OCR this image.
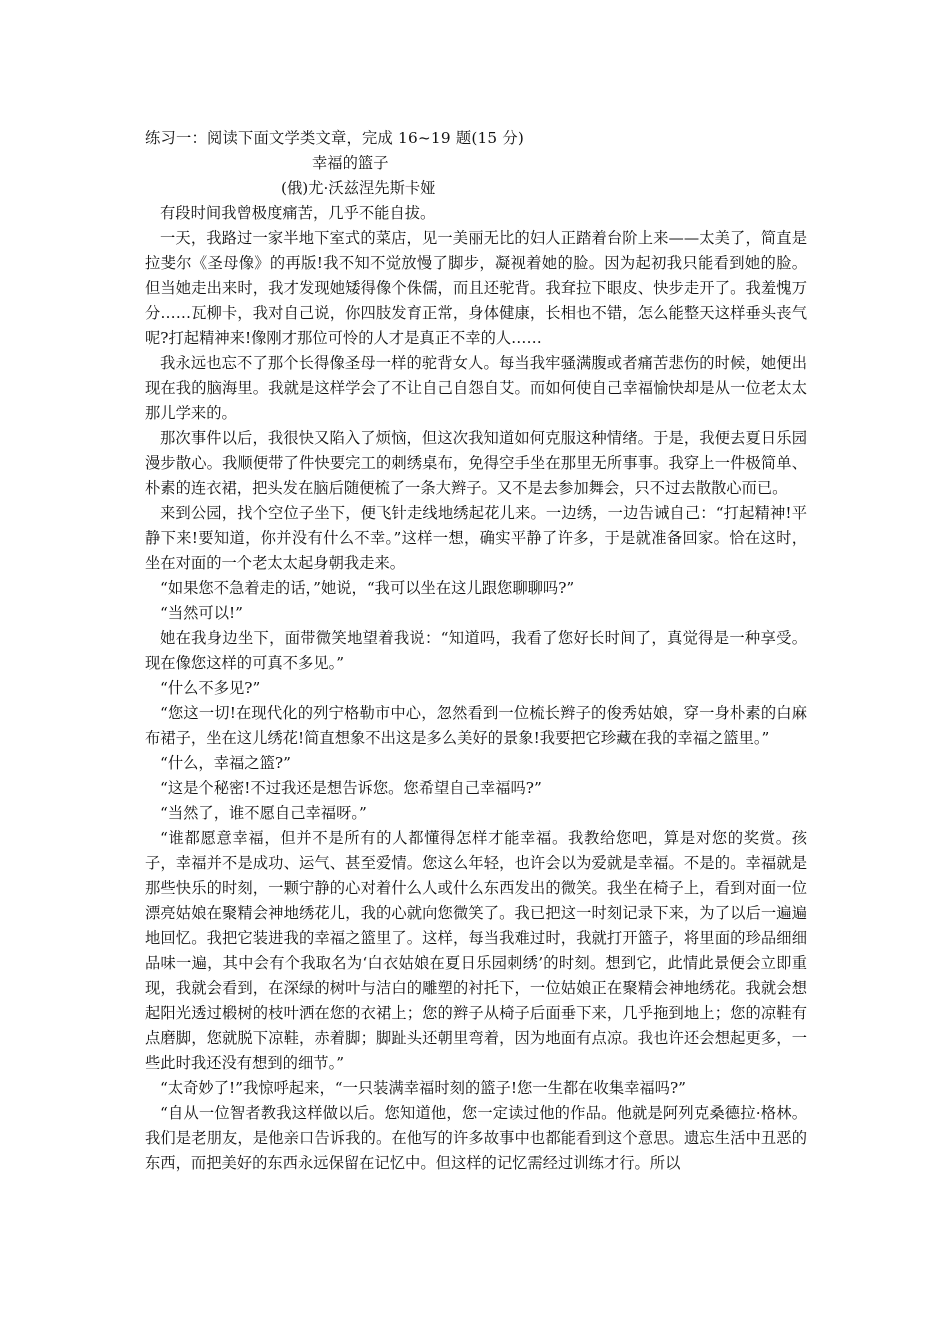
练习一：阅读下面文学类文章，完成 16~19 题(15 分)

幸福的篮子

(俄)尤·沃兹涅先斯卡娅

有段时间我曾极度痛苦，几乎不能自拔。

一天，我路过一家半地下室式的菜店，见一美丽无比的妇人正踏着台阶上来——太美了，简直是拉斐尔《圣母像》的再版!我不知不觉放慢了脚步，凝视着她的脸。因为起初我只能看到她的脸。但当她走出来时，我才发现她矮得像个侏儒，而且还驼背。我耷拉下眼皮、快步走开了。我羞愧万分……瓦柳卡，我对自己说，你四肢发育正常，身体健康，长相也不错，怎么能整天这样垂头丧气呢?打起精神来!像刚才那位可怜的人才是真正不幸的人……

我永远也忘不了那个长得像圣母一样的驼背女人。每当我牢骚满腹或者痛苦悲伤的时候，她便出现在我的脑海里。我就是这样学会了不让自己自怨自艾。而如何使自己幸福愉快却是从一位老太太那儿学来的。

那次事件以后，我很快又陷入了烦恼，但这次我知道如何克服这种情绪。于是，我便去夏日乐园漫步散心。我顺便带了件快要完工的刺绣桌布，免得空手坐在那里无所事事。我穿上一件极简单、朴素的连衣裙，把头发在脑后随便梳了一条大辫子。又不是去参加舞会，只不过去散散心而已。

来到公园，找个空位子坐下，便飞针走线地绣起花儿来。一边绣，一边告诫自己：“打起精神!平静下来!要知道，你并没有什么不幸。”这样一想，确实平静了许多，于是就准备回家。恰在这时，坐在对面的一个老太太起身朝我走来。

“如果您不急着走的话，”她说，“我可以坐在这儿跟您聊聊吗?”

“当然可以!”

她在我身边坐下，面带微笑地望着我说：“知道吗，我看了您好长时间了，真觉得是一种享受。现在像您这样的可真不多见。”

“什么不多见?”

“您这一切!在现代化的列宁格勒市中心，忽然看到一位梳长辫子的俊秀姑娘，穿一身朴素的白麻布裙子，坐在这儿绣花!简直想象不出这是多么美好的景象!我要把它珍藏在我的幸福之篮里。”

“什么，幸福之篮?”

“这是个秘密!不过我还是想告诉您。您希望自己幸福吗?”

“当然了，谁不愿自己幸福呀。”

“谁都愿意幸福，但并不是所有的人都懂得怎样才能幸福。我教给您吧，算是对您的奖赏。孩子，幸福并不是成功、运气、甚至爱情。您这么年轻，也许会以为爱就是幸福。不是的。幸福就是那些快乐的时刻，一颗宁静的心对着什么人或什么东西发出的微笑。我坐在椅子上，看到对面一位漂亮姑娘在聚精会神地绣花儿，我的心就向您微笑了。我已把这一时刻记录下来，为了以后一遍遍地回忆。我把它装进我的幸福之篮里了。这样，每当我难过时，我就打开篮子，将里面的珍品细细品味一遍，其中会有个我取名为‘白衣姑娘在夏日乐园刺绣’的时刻。想到它，此情此景便会立即重现，我就会看到，在深绿的树叶与洁白的雕塑的衬托下，一位姑娘正在聚精会神地绣花。我就会想起阳光透过椴树的枝叶洒在您的衣裙上；您的辫子从椅子后面垂下来，几乎拖到地上；您的凉鞋有点磨脚，您就脱下凉鞋，赤着脚；脚趾头还朝里弯着，因为地面有点凉。我也许还会想起更多，一些此时我还没有想到的细节。”

“太奇妙了!”我惊呼起来，“一只装满幸福时刻的篮子!您一生都在收集幸福吗?”

“自从一位智者教我这样做以后。您知道他，您一定读过他的作品。他就是阿列克桑德拉·格林。我们是老朋友，是他亲口告诉我的。在他写的许多故事中也都能看到这个意思。遗忘生活中丑恶的东西，而把美好的东西永远保留在记忆中。但这样的记忆需经过训练才行。所以
